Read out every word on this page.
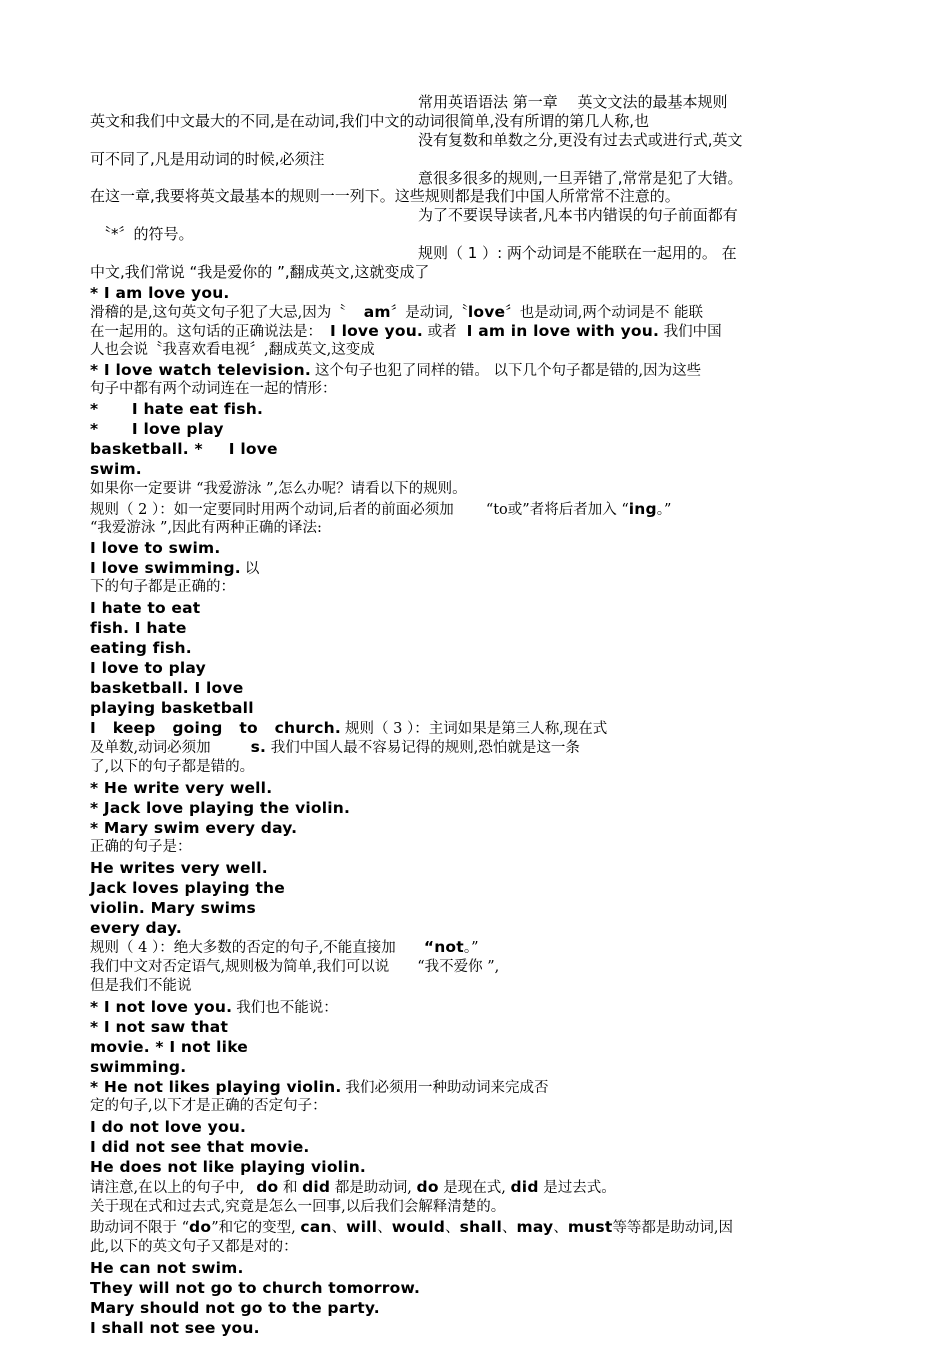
常用英语语法 第一章　 英文文法的最基本规则
英文和我们中文最大的不同,是在动词,我们中文的动词很简单,没有所谓的第几人称,也
没有复数和单数之分,更没有过去式或进行式,英文
可不同了,凡是用动词的时候,必须注
意很多很多的规则,一旦弄错了,常常是犯了大错。
在这一章,我要将英文最基本的规则一一列下。这些规则都是我们中国人所常常不注意的。
为了不要误导读者,凡本书内错误的句子前面都有
〝*〞的符号。
规则（ 1 ）: 两个动词是不能联在一起用的。 在
中文,我们常说 “我是爱你的 ”,翻成英文,这就变成了
* I am love you.
滑稽的是,这句英文句子犯了大忌,因为〝 am〞是动词,〝love〞也是动词,两个动词是不 能联
在一起用的。这句话的正确说法是： I love you. 或者 I am in love with you. 我们中国
人也会说〝我喜欢看电视〞,翻成英文,这变成
* I love watch television. 这个句子也犯了同样的错。 以下几个句子都是错的,因为这些
句子中都有两个动词连在一起的情形：
*      I hate eat fish.
*      I love play
basketball. * I love
swim.
如果你一定要讲 “我爱游泳 ”,怎么办呢？请看以下的规则。
规则（ 2 ）：如一定要同时用两个动词,后者的前面必须加 “to或”者将后者加入 “ing。”
“我爱游泳 ”,因此有两种正确的译法:
I love to swim.
I love swimming. 以
下的句子都是正确的：
I hate to eat
fish. I hate
eating fish.
I love to play
basketball. I love
playing basketball
I   keep   going   to   church. 规则（ 3 ）：主词如果是第三人称,现在式
及单数,动词必须加	s. 我们中国人最不容易记得的规则,恐怕就是这一条
了,以下的句子都是错的。
* He write very well.
* Jack love playing the violin.
* Mary swim every day.
正确的句子是：
He writes very well.
Jack loves playing the
violin. Mary swims
every day.
规则（ 4 ）：绝大多数的否定的句子,不能直接加 “not。”
我们中文对否定语气,规则极为简单,我们可以说 “我不爱你 ”,
但是我们不能说
* I not love you. 我们也不能说：
* I not saw that
movie. * I not like
swimming.
* He not likes playing violin. 我们必须用一种助动词来完成否
定的句子,以下才是正确的否定句子：
I do not love you.
I did not see that movie.
He does not like playing violin.
请注意,在以上的句子中, do 和 did 都是助动词, do 是现在式, did 是过去式。
关于现在式和过去式,究竟是怎么一回事,以后我们会解释清楚的。
助动词不限于 “do”和它的变型, can、will、would、shall、may、must等等都是助动词,因
此,以下的英文句子又都是对的：
He can not swim.
They will not go to church tomorrow.
Mary should not go to the party.
I shall not see you.
